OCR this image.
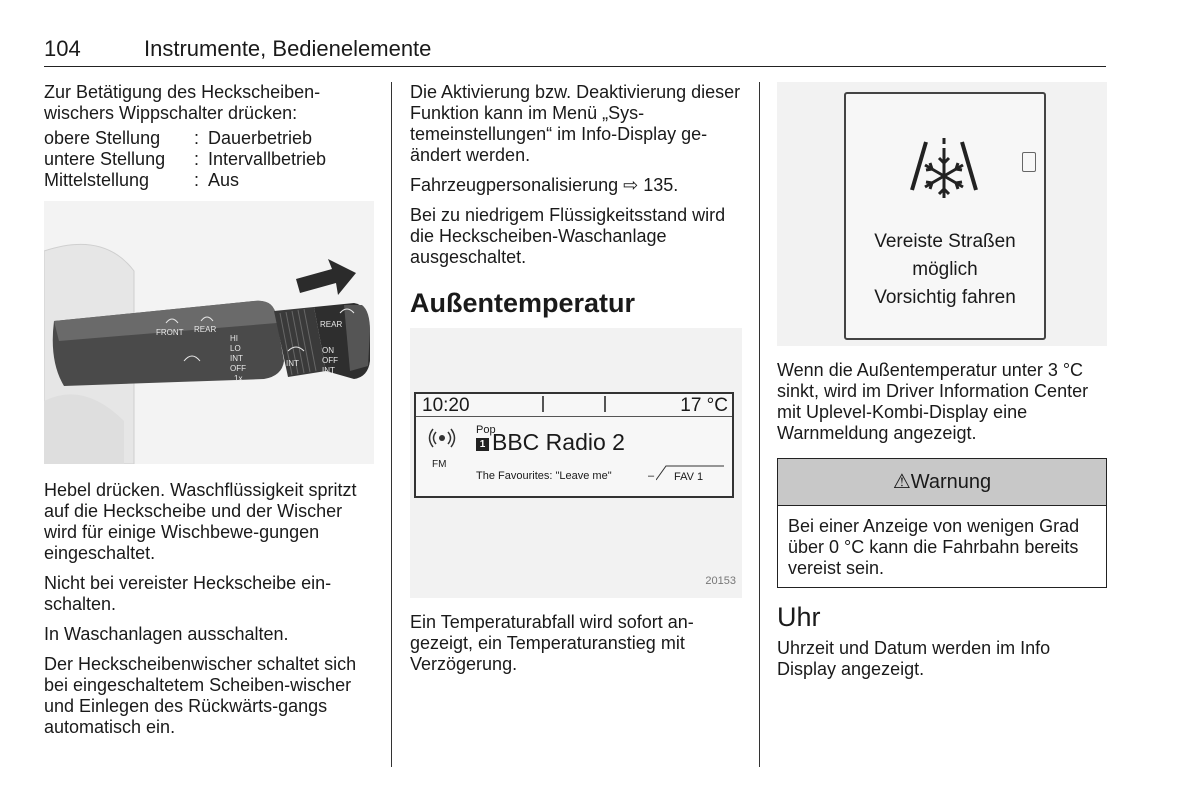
104	Instrumente, Bedienelemente

Zur Betätigung des Heckscheiben-wischers Wippschalter drücken:

obere Stellung	: Dauerbetrieb
untere Stellung	: Intervallbetrieb
Mittelstellung	: Aus
FRONT REAR
HI
LO
INT
OFF
1x
INT
REAR
ON
OFF
INT

Hebel drücken. Waschflüssigkeit spritzt auf die Heckscheibe und der Wischer wird für einige Wischbewe-gungen eingeschaltet.

Nicht bei vereister Heckscheibe ein-schalten.

In Waschanlagen ausschalten.

Der Heckscheibenwischer schaltet sich bei eingeschaltetem Scheiben-wischer und Einlegen des Rückwärts-gangs automatisch ein.

Die Aktivierung bzw. Deaktivierung dieser Funktion kann im Menü „Sys-temeinstellungen“ im Info-Display ge-ändert werden.

Fahrzeugpersonalisierung ⇨ 135.

Bei zu niedrigem Flüssigkeitsstand wird die Heckscheiben-Waschanlage ausgeschaltet.

Außentemperatur
10:20	17 °C
FM
Pop
1 BBC Radio 2
The Favourites: "Leave me"	– FAV 1
20153

Ein Temperaturabfall wird sofort an-gezeigt, ein Temperaturanstieg mit Verzögerung.

Vereiste Straßen
möglich
Vorsichtig fahren

Wenn die Außentemperatur unter 3 °C sinkt, wird im Driver Information Center mit Uplevel-Kombi-Display eine Warnmeldung angezeigt.

⚠Warnung
Bei einer Anzeige von wenigen Grad über 0 °C kann die Fahrbahn bereits vereist sein.
Uhr

Uhrzeit und Datum werden im Info Display angezeigt.
